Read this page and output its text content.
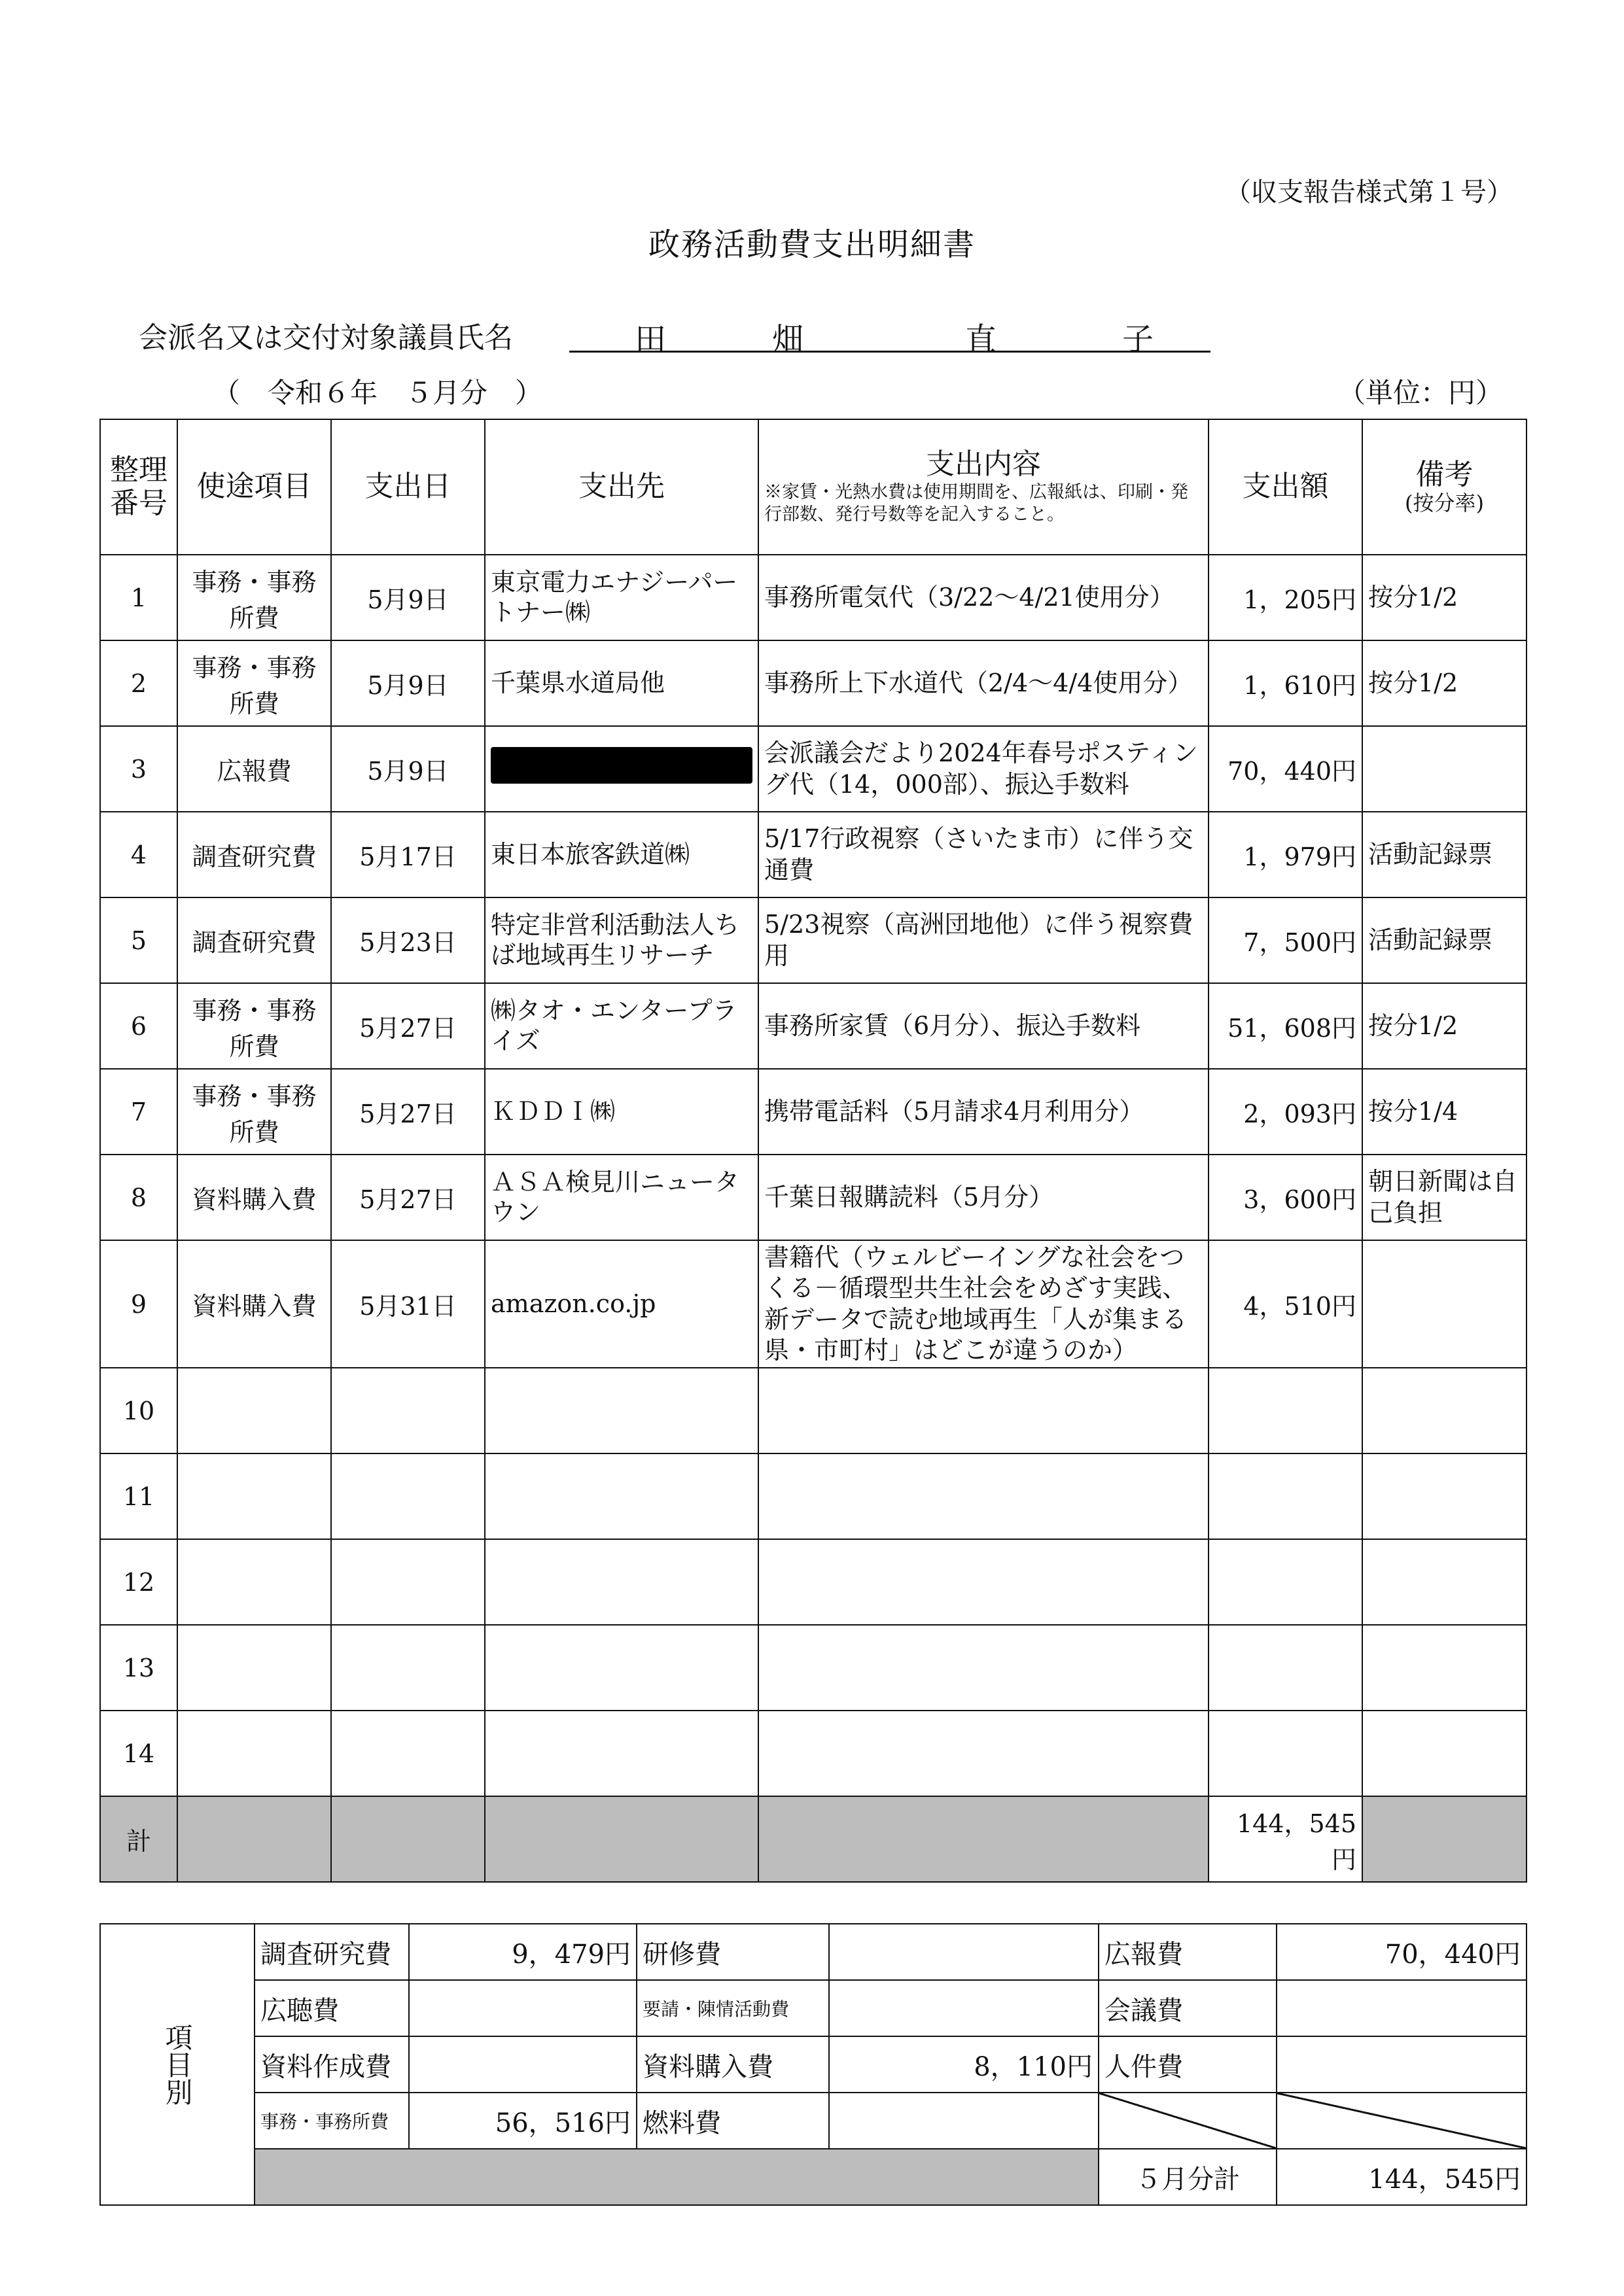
（収支報告様式第１号）
政務活動費支出明細書
会派名又は交付対象議員氏名	田	畑	直	子
（　令和６年　５月分　）	（単位：円）
整理番号	使途項目	支出日	支出先	支出内容
※家賃・光熱水費は使用期間を、広報紙は、印刷・発行部数、発行号数等を記入すること。	支出額	備考
(按分率)

1	事務・事務所費	5月9日	東京電力エナジーパートナー㈱	事務所電気代（3/22～4/21使用分）	1，205円	按分1/2
2	事務・事務所費	5月9日	千葉県水道局他	事務所上下水道代（2/4～4/4使用分）	1，610円	按分1/2
3	広報費	5月9日		会派議会だより2024年春号ポスティング代（14，000部）、振込手数料	70，440円	
4	調査研究費	5月17日	東日本旅客鉄道㈱	5/17行政視察（さいたま市）に伴う交通費	1，979円	活動記録票
5	調査研究費	5月23日	特定非営利活動法人ちば地域再生リサーチ	5/23視察（高洲団地他）に伴う視察費用	7，500円	活動記録票
6	事務・事務所費	5月27日	㈱タオ・エンタープライズ	事務所家賃（6月分）、振込手数料	51，608円	按分1/2
7	事務・事務所費	5月27日	ＫＤＤＩ㈱	携帯電話料（5月請求4月利用分）	2，093円	按分1/4
8	資料購入費	5月27日	ＡＳＡ検見川ニュータウン	千葉日報購読料（5月分）	3，600円	朝日新聞は自己負担
9	資料購入費	5月31日	amazon.co.jp	書籍代（ウェルビーイングな社会をつくる－循環型共生社会をめざす実践、新データで読む地域再生「人が集まる県・市町村」はどこが違うのか）	4，510円	
10						
11						
12						
13						
14						
計					144，545円	
項目別	調査研究費	9，479円	研修費		広報費	70，440円
	広聴費		要請・陳情活動費		会議費	
	資料作成費		資料購入費	8，110円	人件費	
	事務・事務所費	56，516円	燃料費			
					５月分計	144，545円
